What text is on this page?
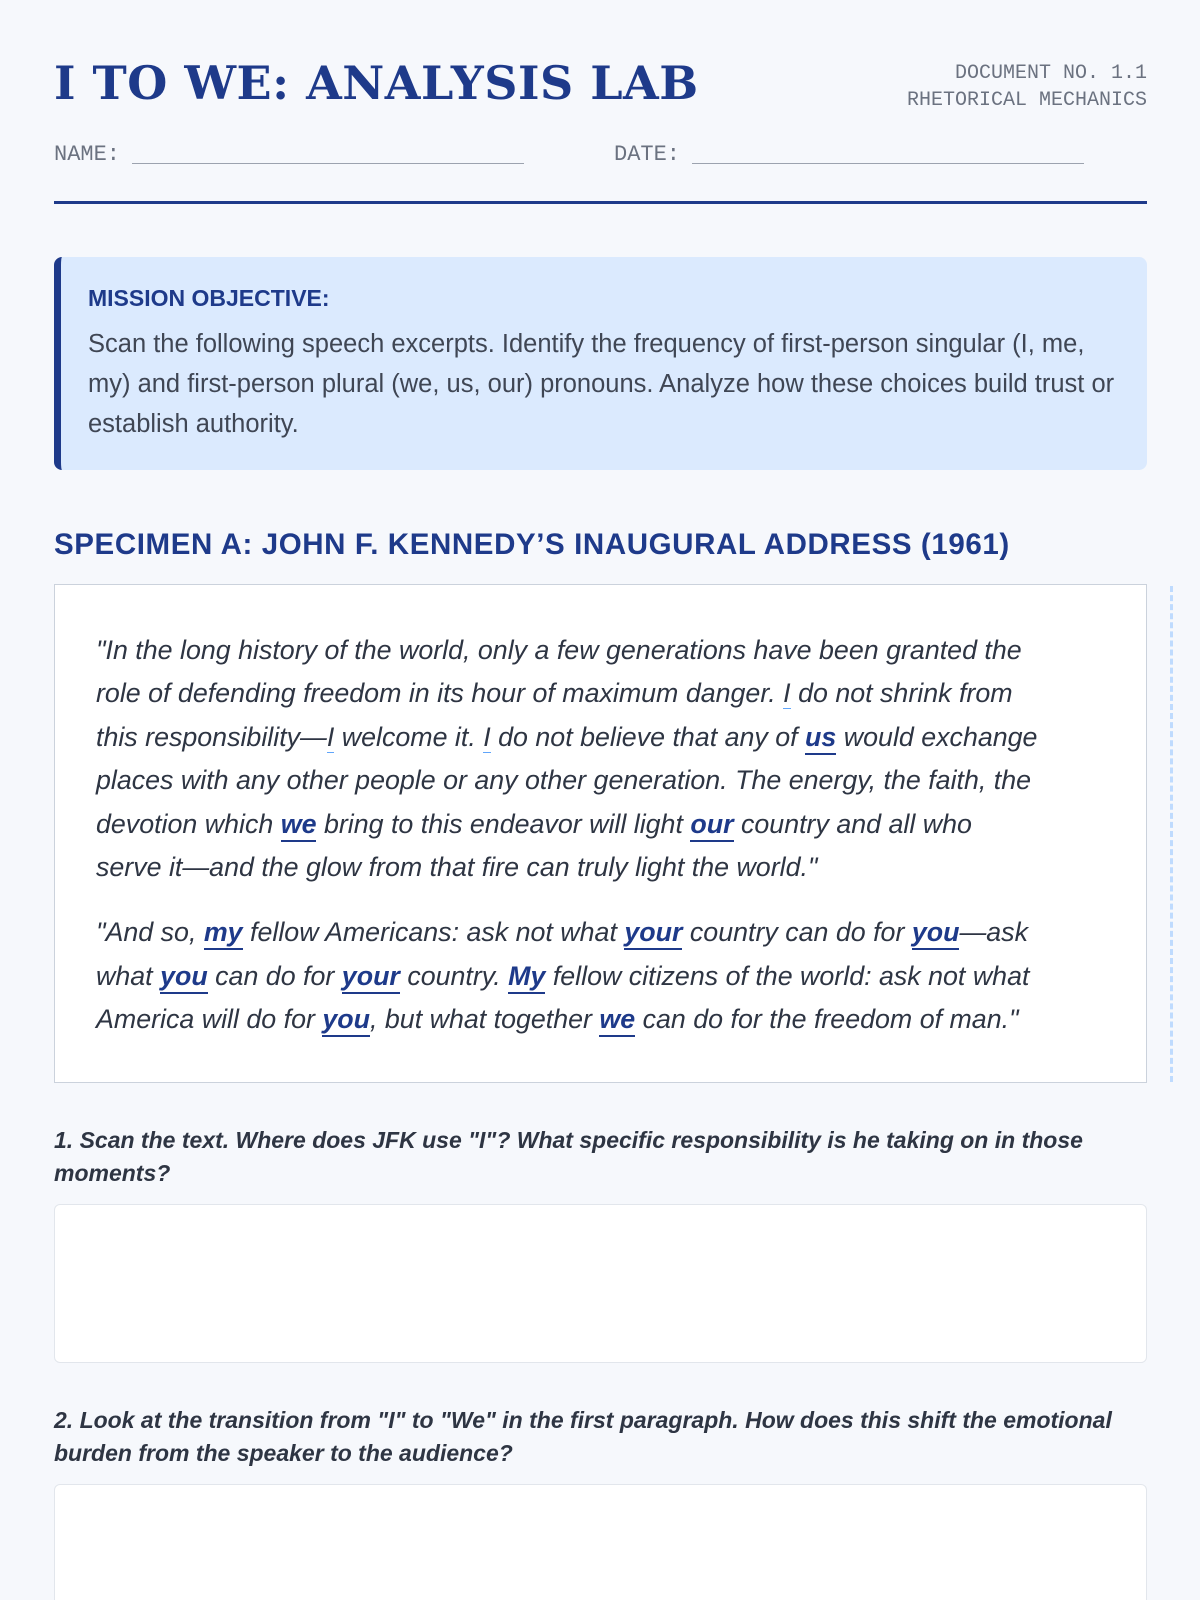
I TO WE: ANALYSIS LAB	DOCUMENT NO. 1.1
RHETORICAL MECHANICS
NAME:	DATE:
MISSION OBJECTIVE:
Scan the following speech excerpts. Identify the frequency of first-person singular (I, me, my) and first-person plural (we, us, our) pronouns. Analyze how these choices build trust or establish authority.
SPECIMEN A: JOHN F. KENNEDY’S INAUGURAL ADDRESS (1961)
"In the long history of the world, only a few generations have been granted the
role of defending freedom in its hour of maximum danger. I do not shrink from
this responsibility—I welcome it. I do not believe that any of us would exchange
places with any other people or any other generation. The energy, the faith, the
devotion which we bring to this endeavor will light our country and all who
serve it—and the glow from that fire can truly light the world."
"And so, my fellow Americans: ask not what your country can do for you—ask
what you can do for your country. My fellow citizens of the world: ask not what
America will do for you, but what together we can do for the freedom of man."
1. Scan the text. Where does JFK use "I"? What specific responsibility is he taking on in those moments?
2. Look at the transition from "I" to "We" in the first paragraph. How does this shift the emotional burden from the speaker to the audience?
